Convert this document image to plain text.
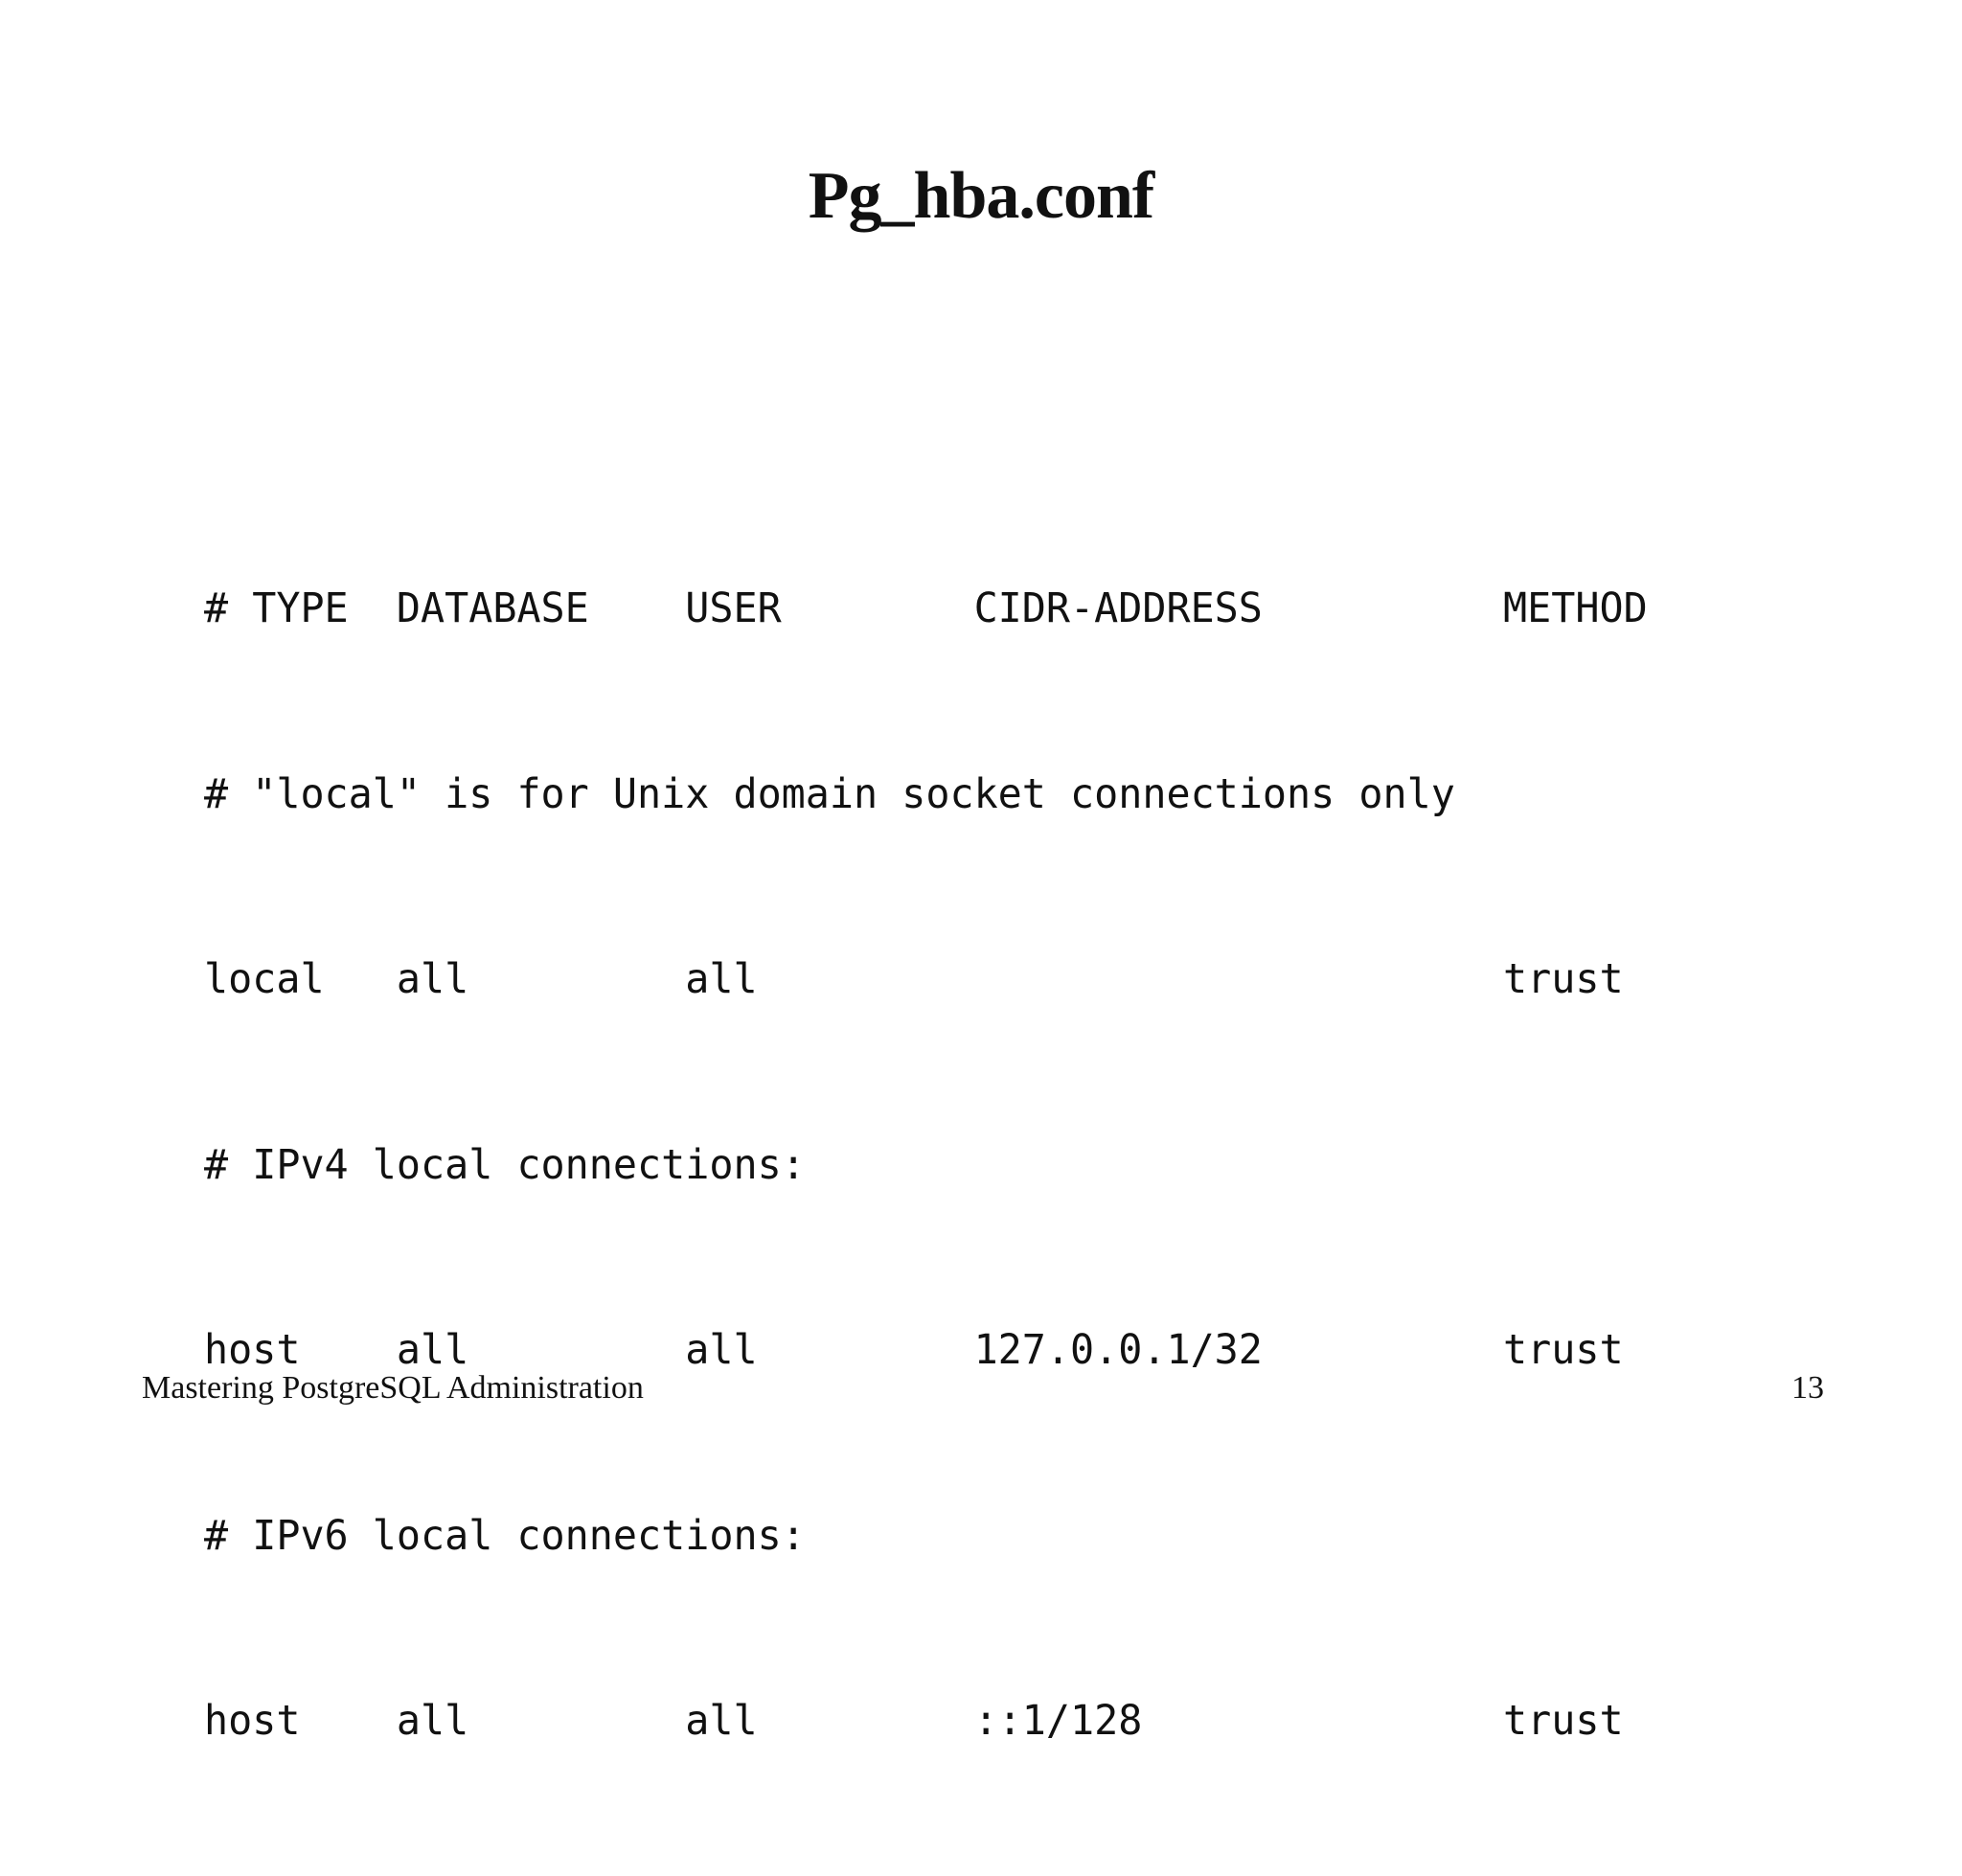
Pg_hba.conf

# TYPE  DATABASE    USER        CIDR-ADDRESS          METHOD

# "local" is for Unix domain socket connections only

local   all         all                               trust

# IPv4 local connections:

host    all         all         127.0.0.1/32          trust

# IPv6 local connections:

host    all         all         ::1/128               trust

Mastering PostgreSQL Administration	13
